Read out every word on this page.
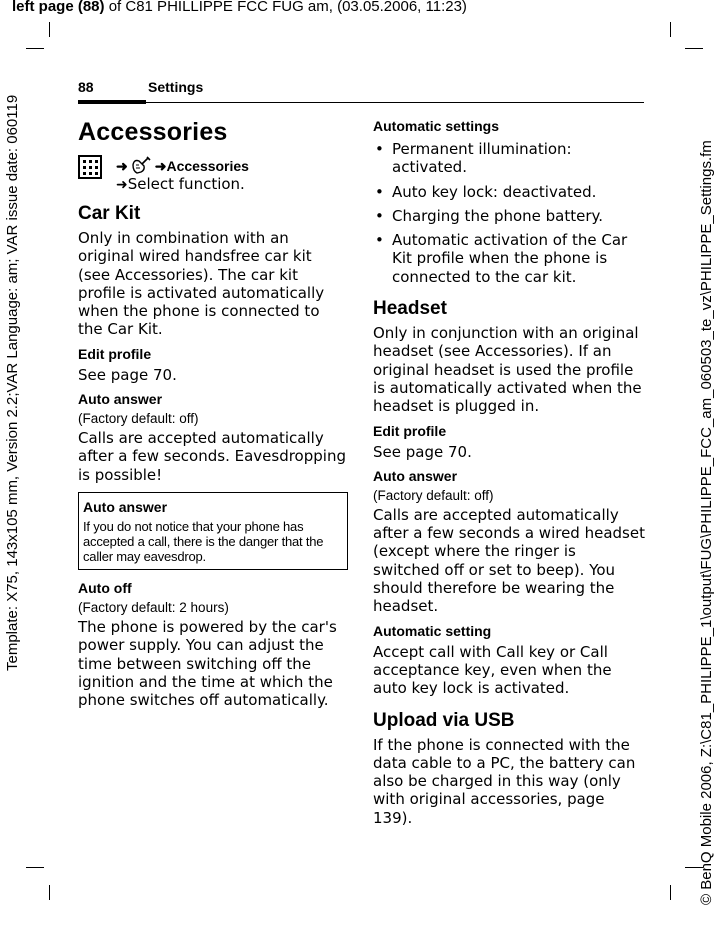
left page (88) of C81 PHILLIPPE FCC FUG am, (03.05.2006, 11:23)
Template: X75, 143x105 mm, Version 2.2;VAR Language: am; VAR issue date: 060119	© BenQ Mobile 2006, Z:\C81_PHILIPPE_1\output\FUG\PHILIPPE_FCC_am_060503_te_vz\PHILIPPE_Settings.fm
88	Settings
Accessories
➜ ➜ Accessories
➜Select function.
Car Kit
Only in combination with an original wired handsfree car kit (see Accessories). The car kit profile is activated automatically when the phone is connected to the Car Kit.
Edit profile
See page 70.
Auto answer
(Factory default: off)
Calls are accepted automatically after a few seconds. Eavesdropping is possible!
Auto answer
If you do not notice that your phone has accepted a call, there is the danger that the caller may eavesdrop.
Auto off
(Factory default: 2 hours)
The phone is powered by the car's power supply. You can adjust the time between switching off the ignition and the time at which the phone switches off automatically.
Automatic settings
• Permanent illumination: activated.
• Auto key lock: deactivated.
• Charging the phone battery.
• Automatic activation of the Car Kit profile when the phone is connected to the car kit.
Headset
Only in conjunction with an original headset (see Accessories). If an original headset is used the profile is automatically activated when the headset is plugged in.
Edit profile
See page 70.
Auto answer
(Factory default: off)
Calls are accepted automatically after a few seconds a wired headset (except where the ringer is switched off or set to beep). You should therefore be wearing the headset.
Automatic setting
Accept call with Call key or Call acceptance key, even when the auto key lock is activated.
Upload via USB
If the phone is connected with the data cable to a PC, the battery can also be charged in this way (only with original accessories, page 139).
